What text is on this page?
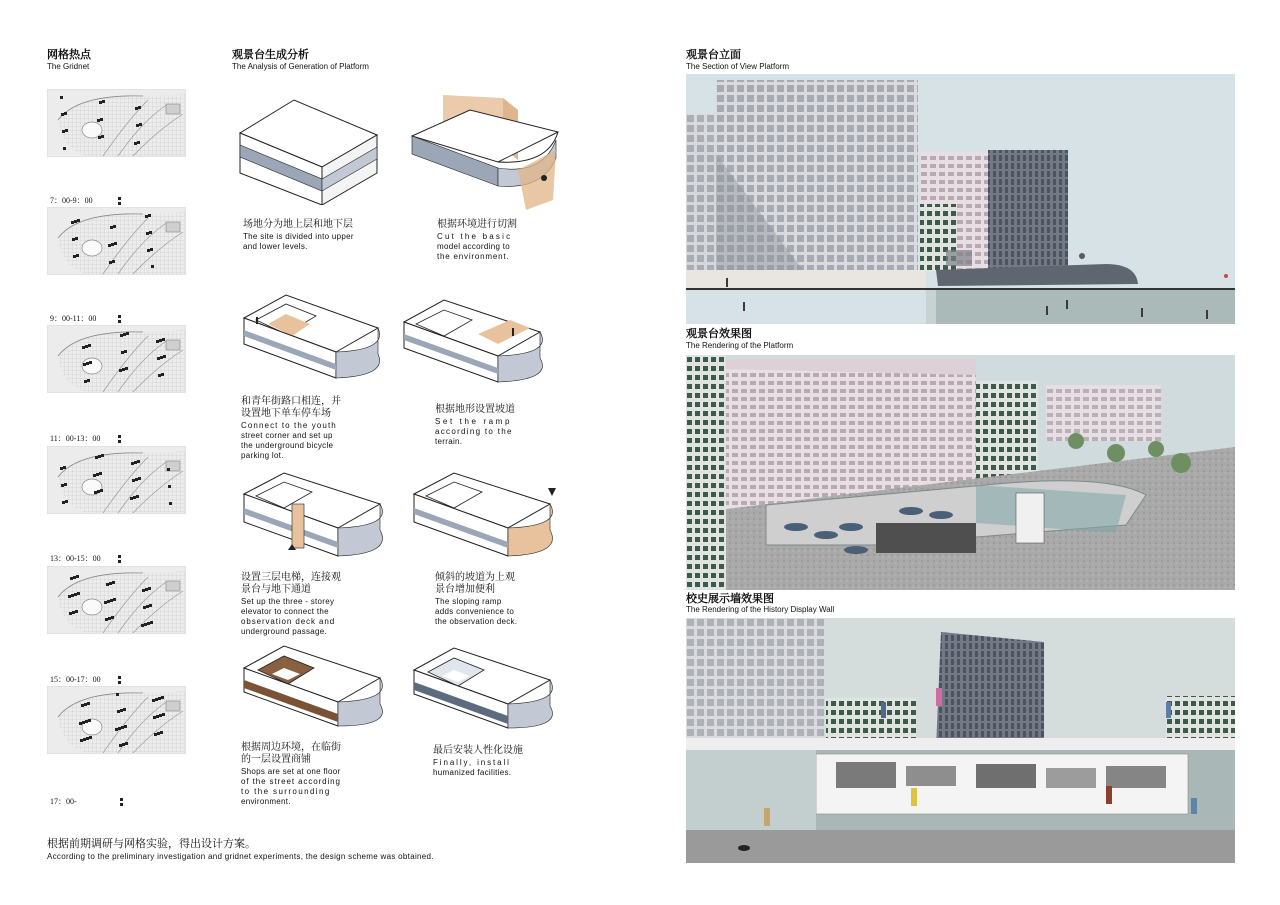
网格热点
The Gridnet
7：00-9：00

9：00-11：00

11：00-13：00

13：00-15：00

15：00-17：00

17：00-

观景台生成分析
The Analysis of Generation of Platform
场地分为地上层和地下层
The site is divided into upper
and lower levels.
根据环境进行切割
Cut the basic
model according to
the environment.
和青年街路口相连，并
设置地下单车停车场
Connect to the youth
street corner and set up
the underground bicycle
parking lot.
根据地形设置坡道
Set the ramp
according to the
terrain.
设置三层电梯，连接观
景台与地下通道
Set up the three - storey
elevator to connect the
observation deck and
underground passage.
倾斜的坡道为上观
景台增加便利
The sloping ramp
adds convenience to
the observation deck.
根据周边环境，在临街
的一层设置商铺
Shops are set at one floor
of the street according
to the surrounding
environment.
最后安装人性化设施
Finally, install
humanized facilities.
根据前期调研与网格实验，得出设计方案。
According to the preliminary investigation and gridnet experiments, the design scheme was obtained.
观景台立面
The Section of View Platform
观景台效果图
The Rendering of the Platform
校史展示墙效果图
The Rendering of the History Display Wall
